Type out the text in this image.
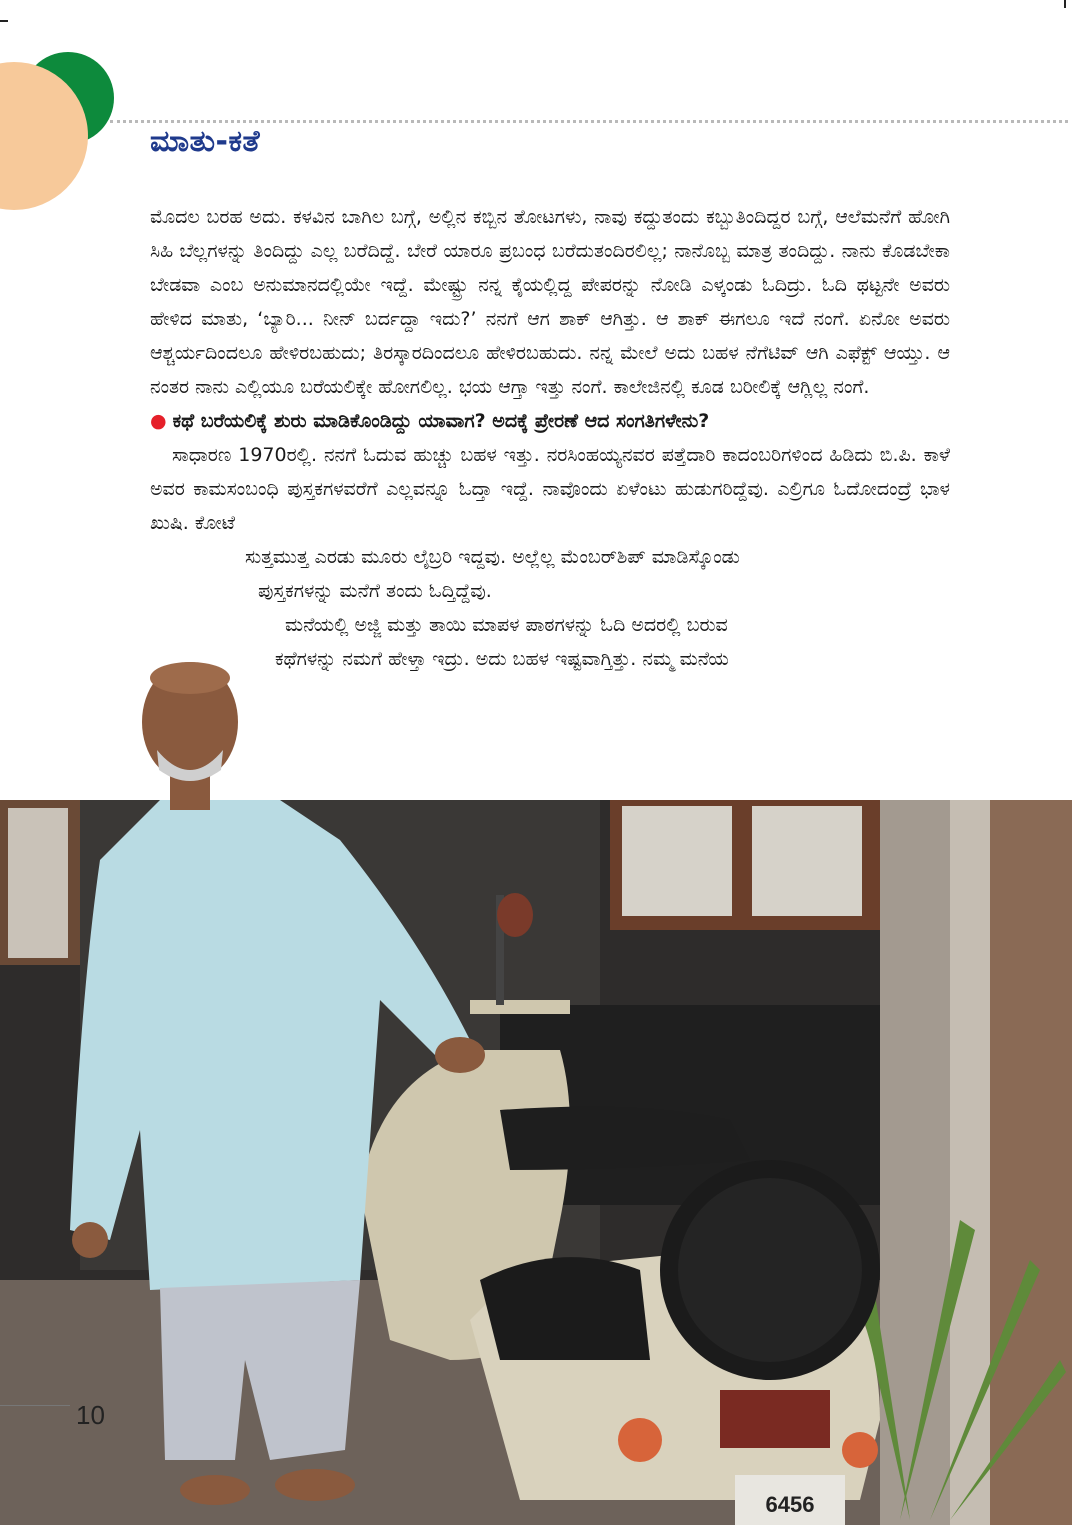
ಮಾತು-ಕತೆ

ಮೊದಲ ಬರಹ ಅದು. ಕಳವಿನ ಬಾಗಿಲ ಬಗ್ಗೆ, ಅಲ್ಲಿನ ಕಬ್ಬಿನ ತೋಟಗಳು, ನಾವು ಕದ್ದುತಂದು ಕಬ್ಬುತಿಂದಿದ್ದರ ಬಗ್ಗೆ, ಆಲೆಮನೆಗೆ ಹೋಗಿ ಸಿಹಿ ಬೆಲ್ಲಗಳನ್ನು ತಿಂದಿದ್ದು ಎಲ್ಲ ಬರೆದಿದ್ದೆ. ಬೇರೆ ಯಾರೂ ಪ್ರಬಂಧ ಬರೆದುತಂದಿರಲಿಲ್ಲ; ನಾನೊಬ್ಬ ಮಾತ್ರ ತಂದಿದ್ದು. ನಾನು ಕೊಡಬೇಕಾ ಬೇಡವಾ ಎಂಬ ಅನುಮಾನದಲ್ಲಿಯೇ ಇದ್ದೆ. ಮೇಷ್ಟ್ರು ನನ್ನ ಕೈಯಲ್ಲಿದ್ದ ಪೇಪರನ್ನು ನೋಡಿ ಎಳ್ಕಂಡು ಓದಿದ್ರು. ಓದಿ ಥಟ್ಟನೇ ಅವರು ಹೇಳಿದ ಮಾತು, ‘ಬ್ಯಾರಿ... ನೀನ್ ಬರ್ದದ್ದಾ ಇದು?’ ನನಗೆ ಆಗ ಶಾಕ್ ಆಗಿತ್ತು. ಆ ಶಾಕ್ ಈಗಲೂ ಇದೆ ನಂಗೆ. ಏನೋ ಅವರು ಆಶ್ಚರ್ಯದಿಂದಲೂ ಹೇಳಿರಬಹುದು; ತಿರಸ್ಕಾರದಿಂದಲೂ ಹೇಳಿರಬಹುದು. ನನ್ನ ಮೇಲೆ ಅದು ಬಹಳ ನೆಗೆಟಿವ್ ಆಗಿ ಎಫೆಕ್ಟ್ ಆಯ್ತು. ಆ ನಂತರ ನಾನು ಎಲ್ಲಿಯೂ ಬರೆಯಲಿಕ್ಕೇ ಹೋಗಲಿಲ್ಲ. ಭಯ ಆಗ್ತಾ ಇತ್ತು ನಂಗೆ. ಕಾಲೇಜಿನಲ್ಲಿ ಕೂಡ ಬರೀಲಿಕ್ಕೆ ಆಗ್ಲಿಲ್ಲ ನಂಗೆ.

● ಕಥೆ ಬರೆಯಲಿಕ್ಕೆ ಶುರು ಮಾಡಿಕೊಂಡಿದ್ದು ಯಾವಾಗ? ಅದಕ್ಕೆ ಪ್ರೇರಣೆ ಆದ ಸಂಗತಿಗಳೇನು?

ಸಾಧಾರಣ 1970ರಲ್ಲಿ. ನನಗೆ ಓದುವ ಹುಚ್ಚು ಬಹಳ ಇತ್ತು. ನರಸಿಂಹಯ್ಯನವರ ಪತ್ತೆದಾರಿ ಕಾದಂಬರಿಗಳಿಂದ ಹಿಡಿದು ಬಿ.ಪಿ. ಕಾಳೆ ಅವರ ಕಾಮಸಂಬಂಧಿ ಪುಸ್ತಕಗಳವರೆಗೆ ಎಲ್ಲವನ್ನೂ ಓದ್ತಾ ಇದ್ದೆ. ನಾವೊಂದು ಏಳೆಂಟು ಹುಡುಗರಿದ್ದೆವು. ಎಲ್ರಿಗೂ ಓದೋದಂದ್ರೆ ಭಾಳ ಖುಷಿ. ಕೋಟೆ

ಸುತ್ತಮುತ್ತ ಎರಡು ಮೂರು ಲೈಬ್ರರಿ ಇದ್ದವು. ಅಲ್ಲೆಲ್ಲ ಮೆಂಬರ್‌ಶಿಪ್ ಮಾಡಿಸ್ಕೊಂಡು
ಪುಸ್ತಕಗಳನ್ನು ಮನೆಗೆ ತಂದು ಓದ್ತಿದ್ದೆವು.
ಮನೆಯಲ್ಲಿ ಅಜ್ಜಿ ಮತ್ತು ತಾಯಿ ಮಾಪಳ ಪಾಠಗಳನ್ನು ಓದಿ ಅದರಲ್ಲಿ ಬರುವ
ಕಥೆಗಳನ್ನು ನಮಗೆ ಹೇಳ್ತಾ ಇದ್ರು. ಅದು ಬಹಳ ಇಷ್ಟವಾಗ್ತಿತ್ತು. ನಮ್ಮ ಮನೆಯ
6456
10
